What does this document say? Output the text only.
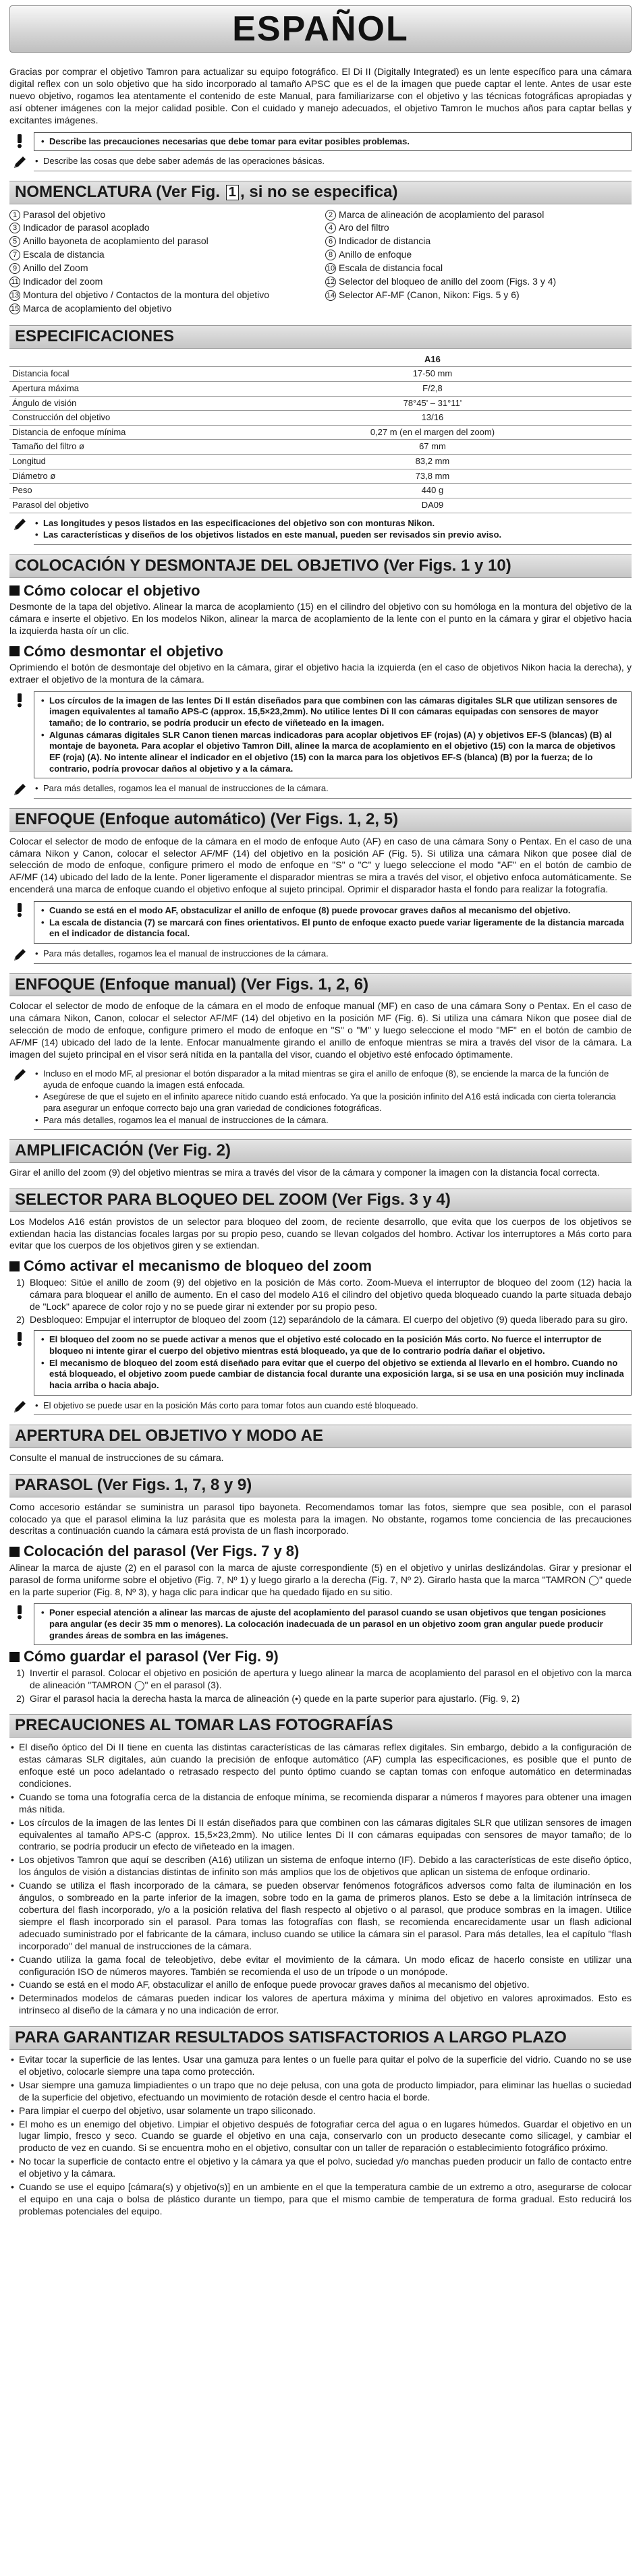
ESPAÑOL

Gracias por comprar el objetivo Tamron para actualizar su equipo fotográfico. El Di II (Digitally Integrated) es un lente específico para una cámara digital reflex con un solo objetivo que ha sido incorporado al tamaño APSC que es el de la imagen que puede captar el lente. Antes de usar este nuevo objetivo, rogamos lea atentamente el contenido de este Manual, para familiarizarse con el objetivo y las técnicas fotográficas apropiadas y así obtener imágenes con la mejor calidad posible. Con el cuidado y manejo adecuados, el objetivo Tamron le muchos años para captar bellas y excitantes imágenes.

• Describe las precauciones necesarias que debe tomar para evitar posibles problemas.
• Describe las cosas que debe saber además de las operaciones básicas.
NOMENCLATURA (Ver Fig. 1 , si no se especifica)
1 Parasol del objetivo
3 Indicador de parasol acoplado
5 Anillo bayoneta de acoplamiento del parasol
7 Escala de distancia
9 Anillo del Zoom
11 Indicador del zoom
13 Montura del objetivo / Contactos de la montura del objetivo
15 Marca de acoplamiento del objetivo
2 Marca de alineación de acoplamiento del parasol
4 Aro del filtro
6 Indicador de distancia
8 Anillo de enfoque
10 Escala de distancia focal
12 Selector del bloqueo de anillo del zoom (Figs. 3 y 4)
14 Selector AF-MF (Canon, Nikon: Figs. 5 y 6)
ESPECIFICACIONES
	A16
Distancia focal	17-50 mm
Apertura máxima	F/2,8
Ángulo de visión	78°45' – 31°11'
Construcción del objetivo	13/16
Distancia de enfoque mínima	0,27 m (en el margen del zoom)
Tamaño del filtro ø	67 mm
Longitud	83,2 mm
Diámetro ø	73,8 mm
Peso	440 g
Parasol del objetivo	DA09
• Las longitudes y pesos listados en las especificaciones del objetivo son con monturas Nikon.
• Las características y diseños de los objetivos listados en este manual, pueden ser revisados sin previo aviso.
COLOCACIÓN Y DESMONTAJE DEL OBJETIVO (Ver Figs. 1 y 10)
Cómo colocar el objetivo

Desmonte de la tapa del objetivo. Alinear la marca de acoplamiento (15) en el cilindro del objetivo con su homóloga en la montura del objetivo de la cámara e inserte el objetivo. En los modelos Nikon, alinear la marca de acoplamiento de la lente con el punto en la cámara y girar el objetivo hacia la izquierda hasta oír un clic.

Cómo desmontar el objetivo

Oprimiendo el botón de desmontaje del objetivo en la cámara, girar el objetivo hacia la izquierda (en el caso de objetivos Nikon hacia la derecha), y extraer el objetivo de la montura de la cámara.

• Los círculos de la imagen de las lentes Di II están diseñados para que combinen con las cámaras digitales SLR que utilizan sensores de imagen equivalentes al tamaño APS-C (approx. 15,5×23,2mm). No utilice lentes Di II con cámaras equipadas con sensores de mayor tamaño; de lo contrario, se podría producir un efecto de viñeteado en la imagen.
• Algunas cámaras digitales SLR Canon tienen marcas indicadoras para acoplar objetivos EF (rojas) (A) y objetivos EF-S (blancas) (B) al montaje de bayoneta. Para acoplar el objetivo Tamron DiII, alinee la marca de acoplamiento en el objetivo (15) con la marca de objetivos EF (roja) (A). No intente alinear el indicador en el objetivo (15) con la marca para los objetivos EF-S (blanca) (B) por la fuerza; de lo contrario, podría provocar daños al objetivo y a la cámara.
• Para más detalles, rogamos lea el manual de instrucciones de la cámara.
ENFOQUE (Enfoque automático) (Ver Figs. 1, 2, 5)

Colocar el selector de modo de enfoque de la cámara en el modo de enfoque Auto (AF) en caso de una cámara Sony o Pentax. En el caso de una cámara Nikon y Canon, colocar el selector AF/MF (14) del objetivo en la posición AF (Fig. 5). Si utiliza una cámara Nikon que posee dial de selección de modo de enfoque, configure primero el modo de enfoque en "S" o "C" y luego seleccione el modo "AF" en el botón de cambio de AF/MF (14) ubicado del lado de la lente. Poner ligeramente el disparador mientras se mira a través del visor, el objetivo enfoca automáticamente. Se encenderá una marca de enfoque cuando el objetivo enfoque al sujeto principal. Oprimir el disparador hasta el fondo para realizar la fotografía.

• Cuando se está en el modo AF, obstaculizar el anillo de enfoque (8) puede provocar graves daños al mecanismo del objetivo.
• La escala de distancia (7) se marcará con fines orientativos. El punto de enfoque exacto puede variar ligeramente de la distancia marcada en el indicador de distancia focal.
• Para más detalles, rogamos lea el manual de instrucciones de la cámara.
ENFOQUE (Enfoque manual) (Ver Figs. 1, 2, 6)

Colocar el selector de modo de enfoque de la cámara en el modo de enfoque manual (MF) en caso de una cámara Sony o Pentax. En el caso de una cámara Nikon, Canon, colocar el selector AF/MF (14) del objetivo en la posición MF (Fig. 6). Si utiliza una cámara Nikon que posee dial de selección de modo de enfoque, configure primero el modo de enfoque en "S" o "M" y luego seleccione el modo "MF" en el botón de cambio de AF/MF (14) ubicado del lado de la lente. Enfocar manualmente girando el anillo de enfoque mientras se mira a través del visor de la cámara. La imagen del sujeto principal en el visor será nítida en la pantalla del visor, cuando el objetivo esté enfocado óptimamente.

• Incluso en el modo MF, al presionar el botón disparador a la mitad mientras se gira el anillo de enfoque (8), se enciende la marca de la función de ayuda de enfoque cuando la imagen está enfocada.
• Asegúrese de que el sujeto en el infinito aparece nítido cuando está enfocado. Ya que la posición infinito del A16 está indicada con cierta tolerancia para asegurar un enfoque correcto bajo una gran variedad de condiciones fotográficas.
• Para más detalles, rogamos lea el manual de instrucciones de la cámara.
AMPLIFICACIÓN (Ver Fig. 2)

Girar el anillo del zoom (9) del objetivo mientras se mira a través del visor de la cámara y componer la imagen con la distancia focal correcta.

SELECTOR PARA BLOQUEO DEL ZOOM (Ver Figs. 3 y 4)

Los Modelos A16 están provistos de un selector para bloqueo del zoom, de reciente desarrollo, que evita que los cuerpos de los objetivos se extiendan hacia las distancias focales largas por su propio peso, cuando se llevan colgados del hombro. Activar los interruptores a Más corto para evitar que los cuerpos de los objetivos giren y se extiendan.

Cómo activar el mecanismo de bloqueo del zoom
1) Bloqueo: Sitúe el anillo de zoom (9) del objetivo en la posición de Más corto. Zoom-Mueva el interruptor de bloqueo del zoom (12) hacia la cámara para bloquear el anillo de aumento. En el caso del modelo A16 el cilindro del objetivo queda bloqueado cuando la parte situada debajo de "Lock" aparece de color rojo y no se puede girar ni extender por su propio peso.
2) Desbloqueo: Empujar el interruptor de bloqueo del zoom (12) separándolo de la cámara. El cuerpo del objetivo (9) queda liberado para su giro.
• El bloqueo del zoom no se puede activar a menos que el objetivo esté colocado en la posición Más corto. No fuerce el interruptor de bloqueo ni intente girar el cuerpo del objetivo mientras está bloqueado, ya que de lo contrario podría dañar el objetivo.
• El mecanismo de bloqueo del zoom está diseñado para evitar que el cuerpo del objetivo se extienda al llevarlo en el hombro. Cuando no está bloqueado, el objetivo zoom puede cambiar de distancia focal durante una exposición larga, si se usa en una posición muy inclinada hacia arriba o hacia abajo.
• El objetivo se puede usar en la posición Más corto para tomar fotos aun cuando esté bloqueado.
APERTURA DEL OBJETIVO Y MODO AE

Consulte el manual de instrucciones de su cámara.

PARASOL (Ver Figs. 1, 7, 8 y 9)

Como accesorio estándar se suministra un parasol tipo bayoneta. Recomendamos tomar las fotos, siempre que sea posible, con el parasol colocado ya que el parasol elimina la luz parásita que es molesta para la imagen. No obstante, rogamos tome conciencia de las precauciones descritas a continuación cuando la cámara está provista de un flash incorporado.

Colocación del parasol (Ver Figs. 7 y 8)

Alinear la marca de ajuste (2) en el parasol con la marca de ajuste correspondiente (5) en el objetivo y unirlas deslizándolas. Girar y presionar el parasol de forma uniforme sobre el objetivo (Fig. 7, Nº 1) y luego girarlo a la derecha (Fig. 7, Nº 2). Girarlo hasta que la marca "TAMRON ◯" quede en la parte superior (Fig. 8, Nº 3), y haga clic para indicar que ha quedado fijado en su sitio.

• Poner especial atención a alinear las marcas de ajuste del acoplamiento del parasol cuando se usan objetivos que tengan posiciones para angular (es decir 35 mm o menores). La colocación inadecuada de un parasol en un objetivo zoom gran angular puede producir grandes áreas de sombra en las imágenes.
Cómo guardar el parasol (Ver Fig. 9)
1) Invertir el parasol. Colocar el objetivo en posición de apertura y luego alinear la marca de acoplamiento del parasol en el objetivo con la marca de alineación "TAMRON ◯" en el parasol (3).
2) Girar el parasol hacia la derecha hasta la marca de alineación (•) quede en la parte superior para ajustarlo. (Fig. 9, 2)
PRECAUCIONES AL TOMAR LAS FOTOGRAFÍAS
• El diseño óptico del Di II tiene en cuenta las distintas características de las cámaras reflex digitales. Sin embargo, debido a la configuración de estas cámaras SLR digitales, aún cuando la precisión de enfoque automático (AF) cumpla las especificaciones, es posible que el punto de enfoque esté un poco adelantado o retrasado respecto del punto óptimo cuando se captan tomas con enfoque automático en determinadas condiciones.
• Cuando se toma una fotografía cerca de la distancia de enfoque mínima, se recomienda disparar a números f mayores para obtener una imagen más nítida.
• Los círculos de la imagen de las lentes Di II están diseñados para que combinen con las cámaras digitales SLR que utilizan sensores de imagen equivalentes al tamaño APS-C (approx. 15,5×23,2mm). No utilice lentes Di II con cámaras equipadas con sensores de mayor tamaño; de lo contrario, se podría producir un efecto de viñeteado en la imagen.
• Los objetivos Tamron que aquí se describen (A16) utilizan un sistema de enfoque interno (IF). Debido a las características de este diseño óptico, los ángulos de visión a distancias distintas de infinito son más amplios que los de objetivos que aplican un sistema de enfoque ordinario.
• Cuando se utiliza el flash incorporado de la cámara, se pueden observar fenómenos fotográficos adversos como falta de iluminación en los ángulos, o sombreado en la parte inferior de la imagen, sobre todo en la gama de primeros planos. Esto se debe a la limitación intrínseca de cobertura del flash incorporado, y/o a la posición relativa del flash respecto al objetivo o al parasol, que produce sombras en la imagen. Utilice siempre el flash incorporado sin el parasol. Para tomas las fotografías con flash, se recomienda encarecidamente usar un flash adicional adecuado suministrado por el fabricante de la cámara, incluso cuando se utilice la cámara sin el parasol. Para más detalles, lea el capítulo "flash incorporado" del manual de instrucciones de la cámara.
• Cuando utiliza la gama focal de teleobjetivo, debe evitar el movimiento de la cámara. Un modo eficaz de hacerlo consiste en utilizar una configuración ISO de números mayores. También se recomienda el uso de un trípode o un monópode.
• Cuando se está en el modo AF, obstaculizar el anillo de enfoque puede provocar graves daños al mecanismo del objetivo.
• Determinados modelos de cámaras pueden indicar los valores de apertura máxima y mínima del objetivo en valores aproximados. Esto es intrínseco al diseño de la cámara y no una indicación de error.
PARA GARANTIZAR RESULTADOS SATISFACTORIOS A LARGO PLAZO
• Evitar tocar la superficie de las lentes. Usar una gamuza para lentes o un fuelle para quitar el polvo de la superficie del vidrio. Cuando no se use el objetivo, colocarle siempre una tapa como protección.
• Usar siempre una gamuza limpiadientes o un trapo que no deje pelusa, con una gota de producto limpiador, para eliminar las huellas o suciedad de la superficie del objetivo, efectuando un movimiento de rotación desde el centro hacia el borde.
• Para limpiar el cuerpo del objetivo, usar solamente un trapo siliconado.
• El moho es un enemigo del objetivo. Limpiar el objetivo después de fotografiar cerca del agua o en lugares húmedos. Guardar el objetivo en un lugar limpio, fresco y seco. Cuando se guarde el objetivo en una caja, conservarlo con un producto desecante como silicagel, y cambiar el producto de vez en cuando. Si se encuentra moho en el objetivo, consultar con un taller de reparación o establecimiento fotográfico próximo.
• No tocar la superficie de contacto entre el objetivo y la cámara ya que el polvo, suciedad y/o manchas pueden producir un fallo de contacto entre el objetivo y la cámara.
• Cuando se use el equipo [cámara(s) y objetivo(s)] en un ambiente en el que la temperatura cambie de un extremo a otro, asegurarse de colocar el equipo en una caja o bolsa de plástico durante un tiempo, para que el mismo cambie de temperatura de forma gradual. Esto reducirá los problemas potenciales del equipo.
